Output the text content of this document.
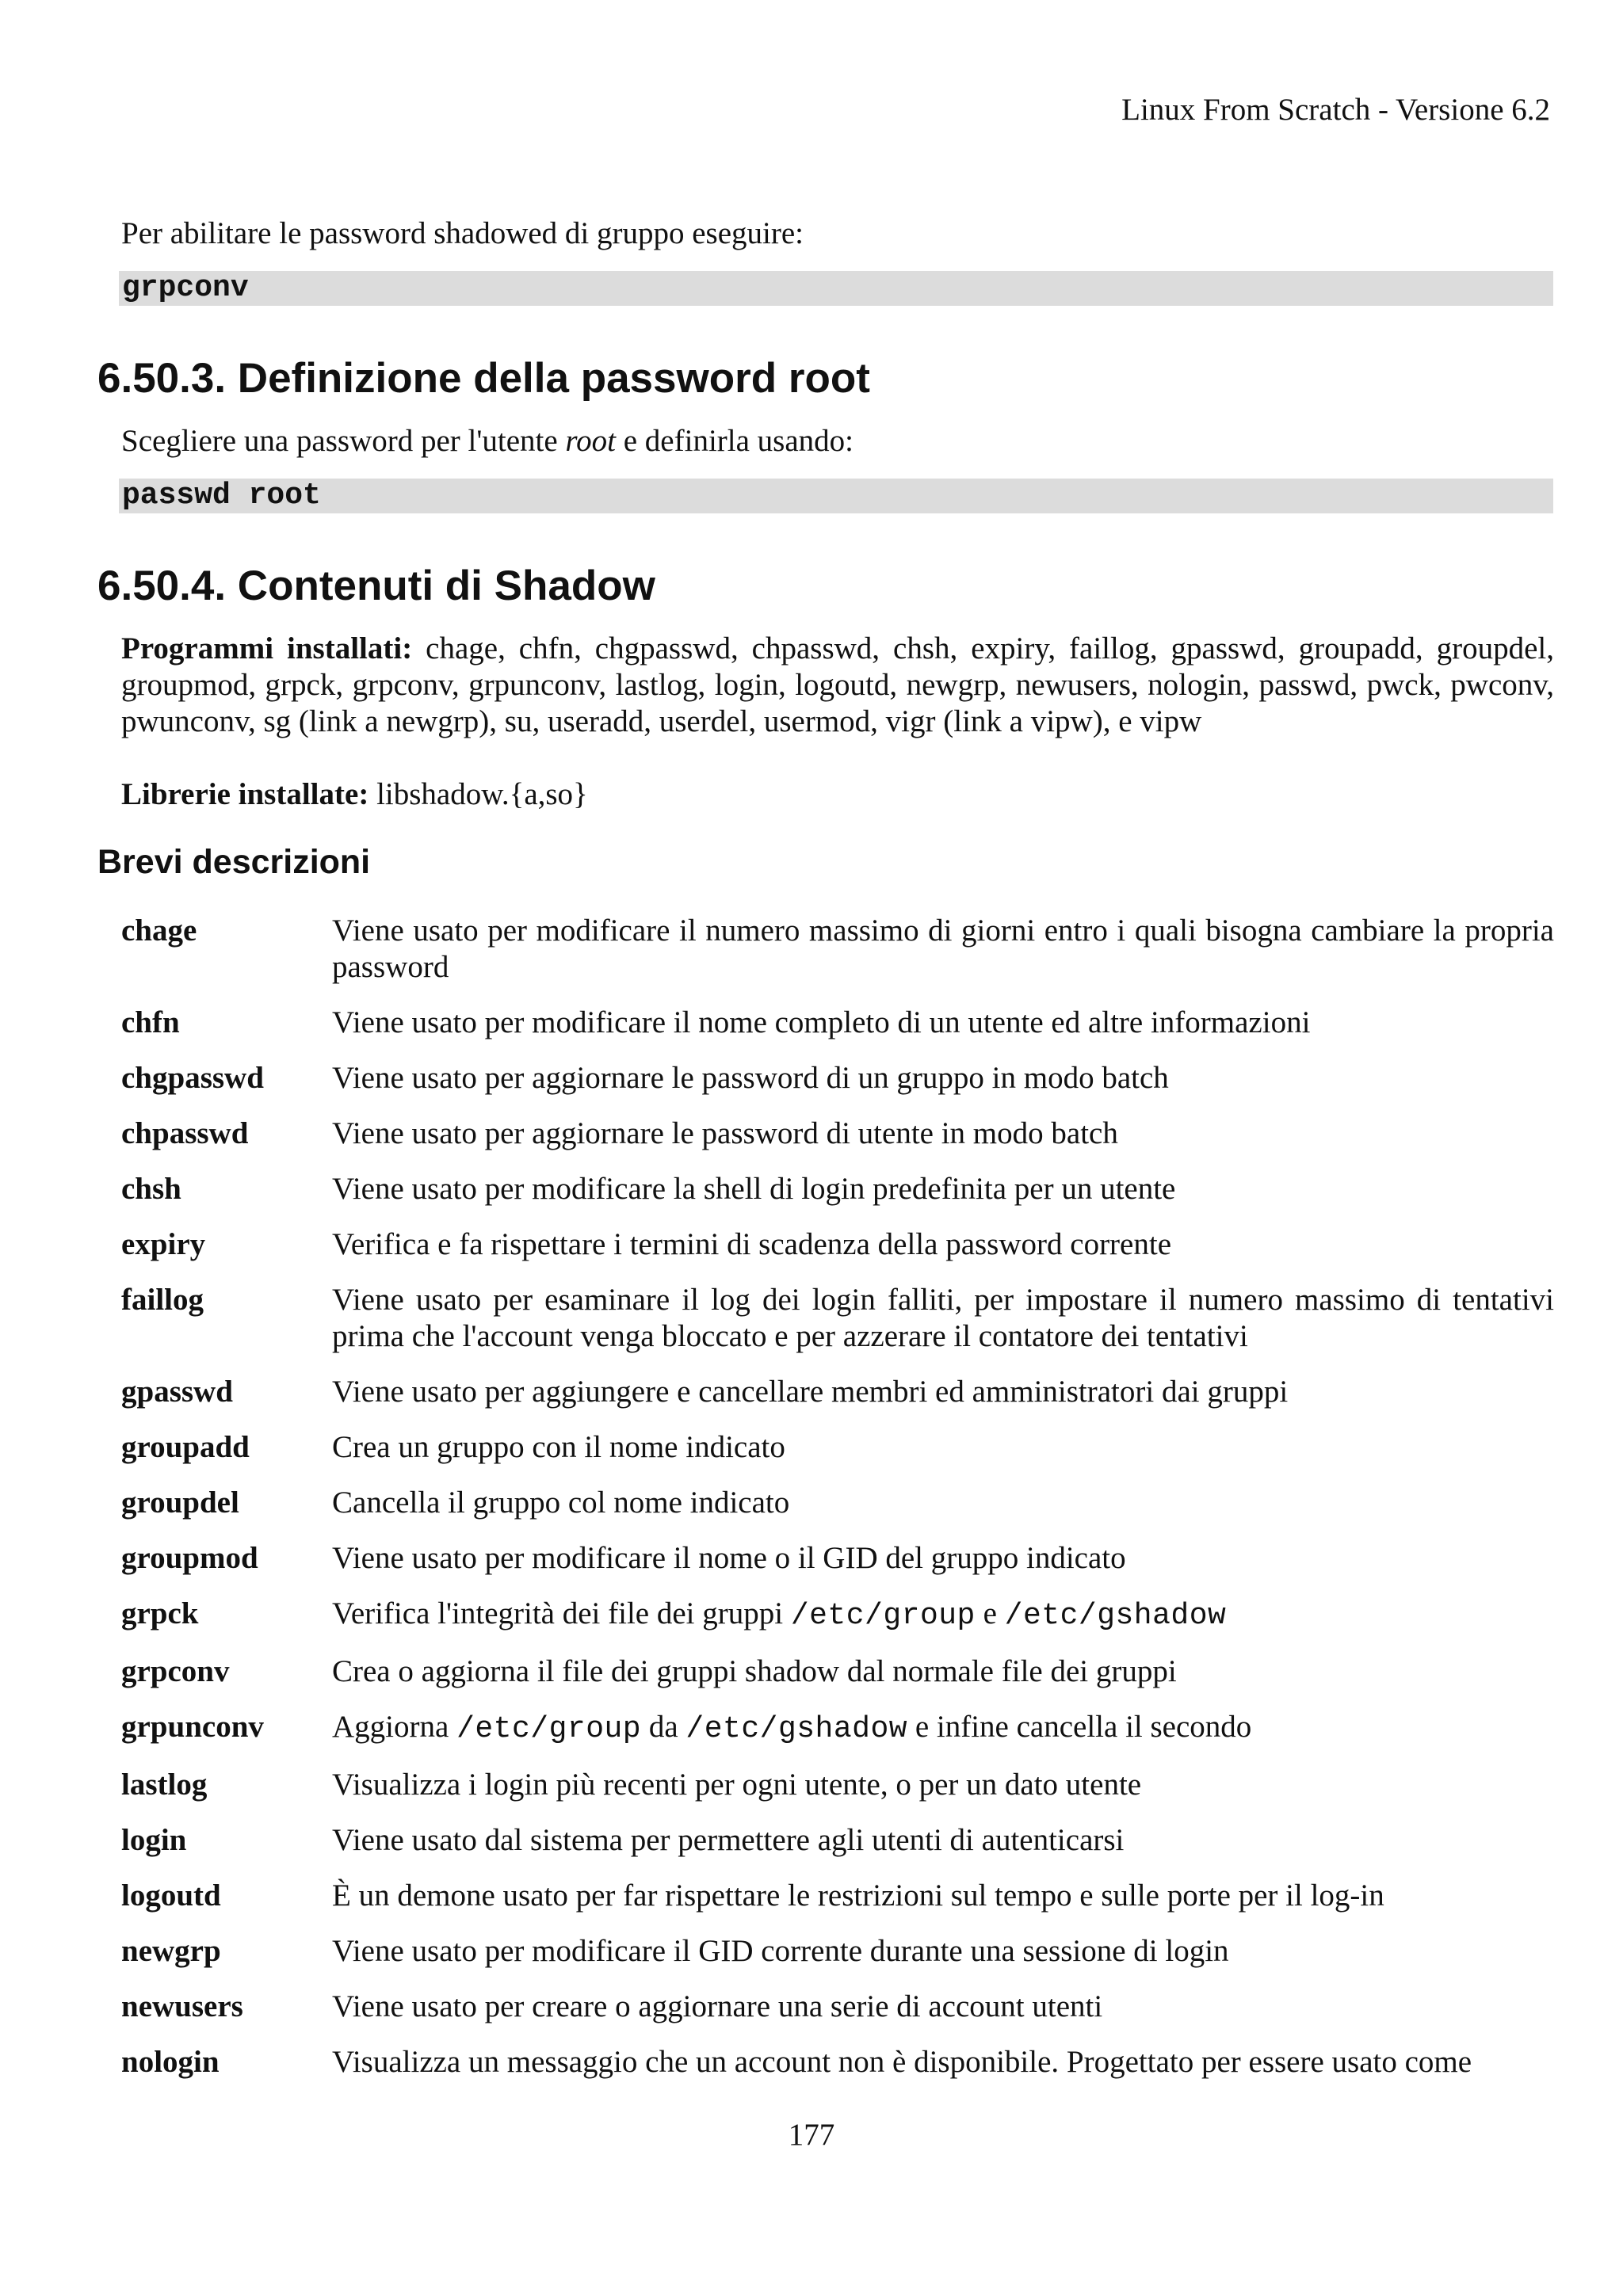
Linux From Scratch - Versione 6.2
Per abilitare le password shadowed di gruppo eseguire:
grpconv
6.50.3. Definizione della password root
Scegliere una password per l'utente root e definirla usando:
passwd root
6.50.4. Contenuti di Shadow
Programmi installati: chage, chfn, chgpasswd, chpasswd, chsh, expiry, faillog, gpasswd, groupadd, groupdel, groupmod, grpck, grpconv, grpunconv, lastlog, login, logoutd, newgrp, newusers, nologin, passwd, pwck, pwconv, pwunconv, sg (link a newgrp), su, useradd, userdel, usermod, vigr (link a vipw), e vipw
Librerie installate: libshadow.{a,so}
Brevi descrizioni
chage	Viene usato per modificare il numero massimo di giorni entro i quali bisogna cambiare la propria password
chfn	Viene usato per modificare il nome completo di un utente ed altre informazioni
chgpasswd	Viene usato per aggiornare le password di un gruppo in modo batch
chpasswd	Viene usato per aggiornare le password di utente in modo batch
chsh	Viene usato per modificare la shell di login predefinita per un utente
expiry	Verifica e fa rispettare i termini di scadenza della password corrente
faillog	Viene usato per esaminare il log dei login falliti, per impostare il numero massimo di tentativi prima che l'account venga bloccato e per azzerare il contatore dei tentativi
gpasswd	Viene usato per aggiungere e cancellare membri ed amministratori dai gruppi
groupadd	Crea un gruppo con il nome indicato
groupdel	Cancella il gruppo col nome indicato
groupmod	Viene usato per modificare il nome o il GID del gruppo indicato
grpck	Verifica l'integrità dei file dei gruppi /etc/group e /etc/gshadow
grpconv	Crea o aggiorna il file dei gruppi shadow dal normale file dei gruppi
grpunconv	Aggiorna /etc/group da /etc/gshadow e infine cancella il secondo
lastlog	Visualizza i login più recenti per ogni utente, o per un dato utente
login	Viene usato dal sistema per permettere agli utenti di autenticarsi
logoutd	È un demone usato per far rispettare le restrizioni sul tempo e sulle porte per il log-in
newgrp	Viene usato per modificare il GID corrente durante una sessione di login
newusers	Viene usato per creare o aggiornare una serie di account utenti
nologin	Visualizza un messaggio che un account non è disponibile. Progettato per essere usato come
177
